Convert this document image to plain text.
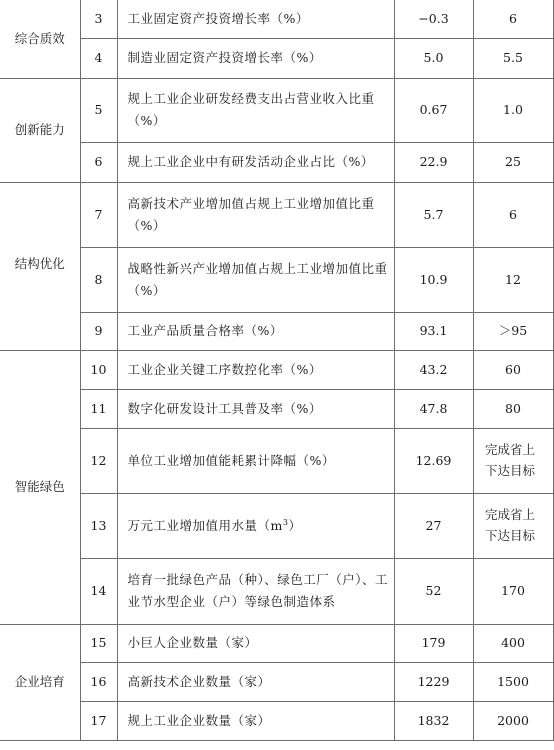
综合质效	3	工业固定资产投资增长率（%）	−0.3	6
	4	制造业固定资产投资增长率（%）	5.0	5.5
创新能力	5	规上工业企业研发经费支出占营业收入比重（%）	0.67	1.0
	6	规上工业企业中有研发活动企业占比（%）	22.9	25
结构优化	7	高新技术产业增加值占规上工业增加值比重（%）	5.7	6
	8	战略性新兴产业增加值占规上工业增加值比重（%）	10.9	12
	9	工业产品质量合格率（%）	93.1	＞95
智能绿色	10	工业企业关键工序数控化率（%）	43.2	60
	11	数字化研发设计工具普及率（%）	47.8	80
	12	单位工业增加值能耗累计降幅（%）	12.69	完成省上下达目标
	13	万元工业增加值用水量$(m^3)$	27	完成省上下达目标
	14	培育一批绿色产品（种）、绿色工厂（户）、工业节水型企业（户）等绿色制造体系	52	170
企业培育	15	小巨人企业数量（家）	179	400
	16	高新技术企业数量（家）	1229	1500
	17	规上工业企业数量（家）	1832	2000
